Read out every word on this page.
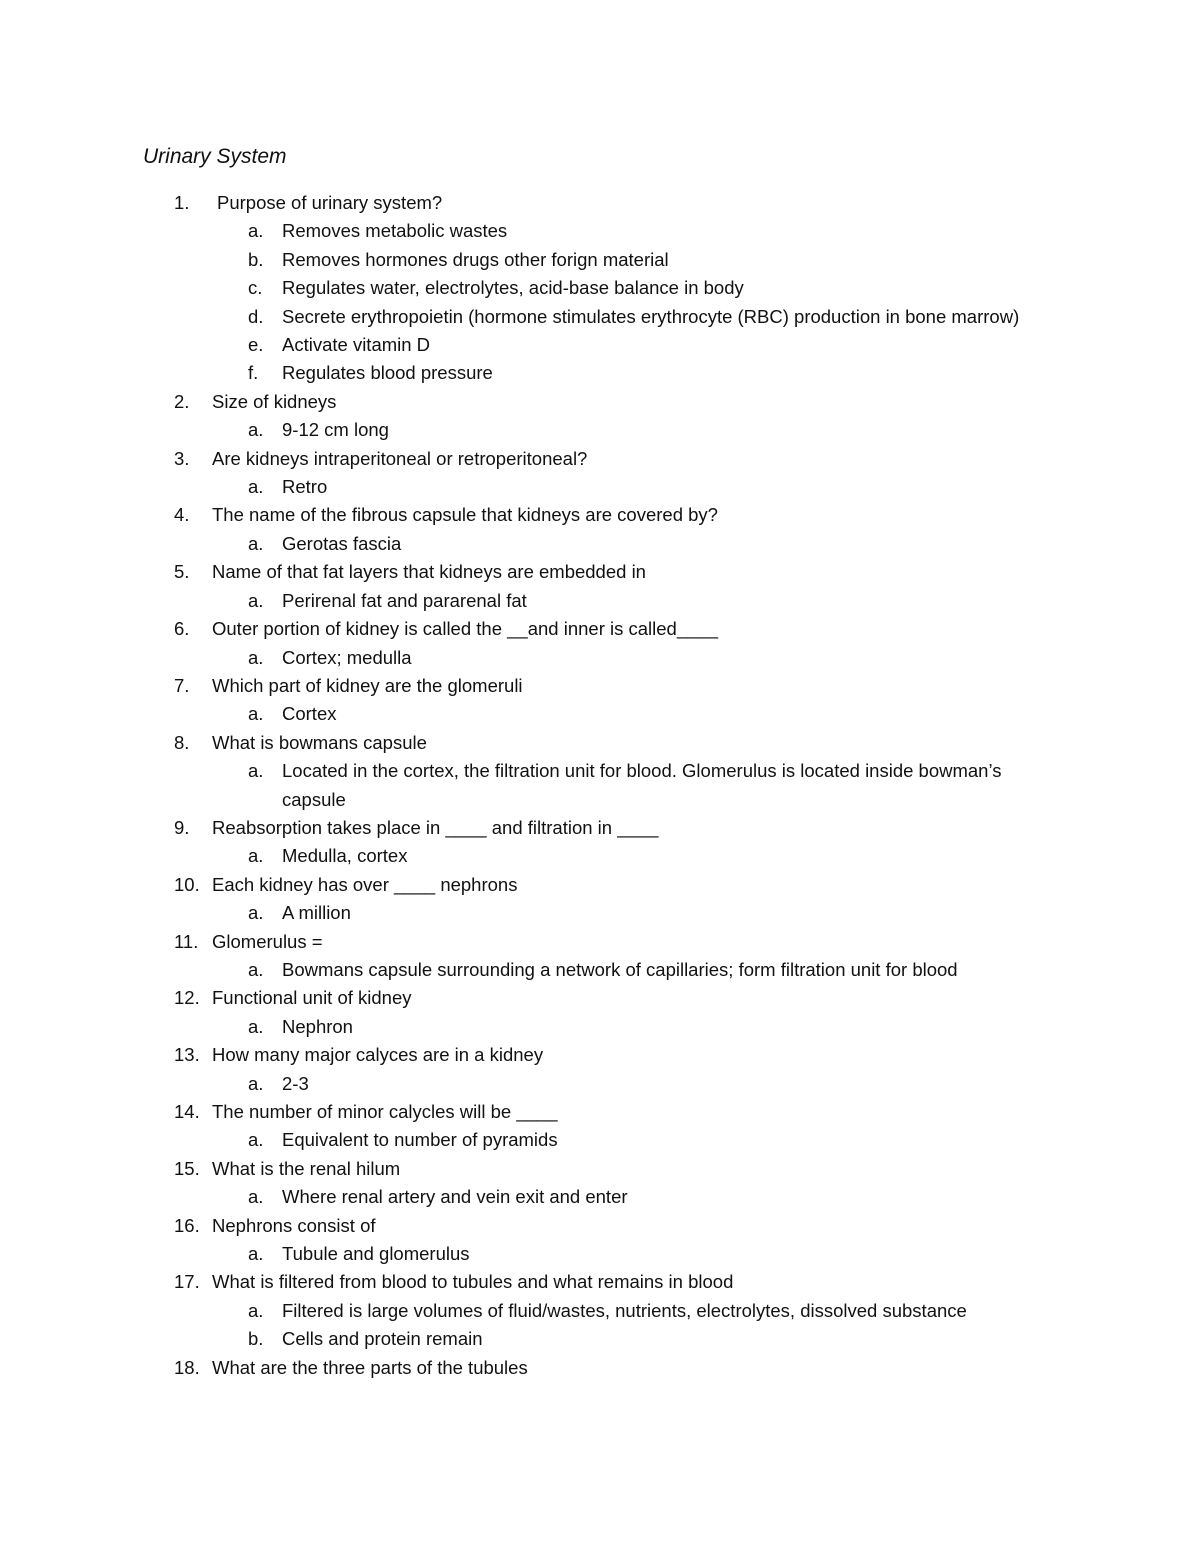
Urinary System
1. Purpose of urinary system?
a. Removes metabolic wastes
b. Removes hormones drugs other forign material
c. Regulates water, electrolytes, acid-base balance in body
d. Secrete erythropoietin (hormone stimulates erythrocyte (RBC) production in bone marrow)
e. Activate vitamin D
f. Regulates blood pressure
2. Size of kidneys
a. 9-12 cm long
3. Are kidneys intraperitoneal or retroperitoneal?
a. Retro
4. The name of the fibrous capsule that kidneys are covered by?
a. Gerotas fascia
5. Name of that fat layers that kidneys are embedded in
a. Perirenal fat and pararenal fat
6. Outer portion of kidney is called the __and inner is called____
a. Cortex; medulla
7. Which part of kidney are the glomeruli
a. Cortex
8. What is bowmans capsule
a. Located in the cortex, the filtration unit for blood. Glomerulus is located inside bowman’s capsule
9. Reabsorption takes place in ____ and filtration in ____
a. Medulla, cortex
10. Each kidney has over ____ nephrons
a. A million
11. Glomerulus =
a. Bowmans capsule surrounding a network of capillaries; form filtration unit for blood
12. Functional unit of kidney
a. Nephron
13. How many major calyces are in a kidney
a. 2-3
14. The number of minor calycles will be ____
a. Equivalent to number of pyramids
15. What is the renal hilum
a. Where renal artery and vein exit and enter
16. Nephrons consist of
a. Tubule and glomerulus
17. What is filtered from blood to tubules and what remains in blood
a. Filtered is large volumes of fluid/wastes, nutrients, electrolytes, dissolved substance
b. Cells and protein remain
18. What are the three parts of the tubules
